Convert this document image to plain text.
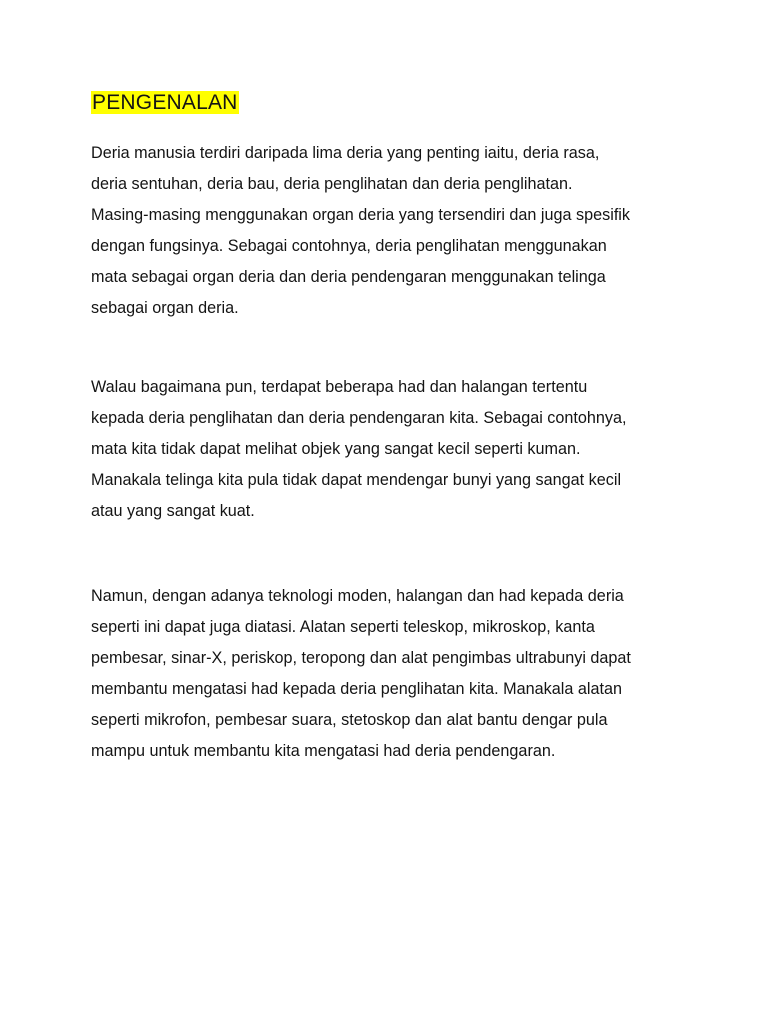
PENGENALAN

Deria manusia terdiri daripada lima deria yang penting iaitu, deria rasa,
deria sentuhan, deria bau, deria penglihatan dan deria penglihatan.
Masing-masing menggunakan organ deria yang tersendiri dan juga spesifik
dengan fungsinya. Sebagai contohnya, deria penglihatan menggunakan
mata sebagai organ deria dan deria pendengaran menggunakan telinga
sebagai organ deria.

Walau bagaimana pun, terdapat beberapa had dan halangan tertentu
kepada deria penglihatan dan deria pendengaran kita. Sebagai contohnya,
mata kita tidak dapat melihat objek yang sangat kecil seperti kuman.
Manakala telinga kita pula tidak dapat mendengar bunyi yang sangat kecil
atau yang sangat kuat.

Namun, dengan adanya teknologi moden, halangan dan had kepada deria
seperti ini dapat juga diatasi. Alatan seperti teleskop, mikroskop, kanta
pembesar, sinar-X, periskop, teropong dan alat pengimbas ultrabunyi dapat
membantu mengatasi had kepada deria penglihatan kita. Manakala alatan
seperti mikrofon, pembesar suara, stetoskop dan alat bantu dengar pula
mampu untuk membantu kita mengatasi had deria pendengaran.
